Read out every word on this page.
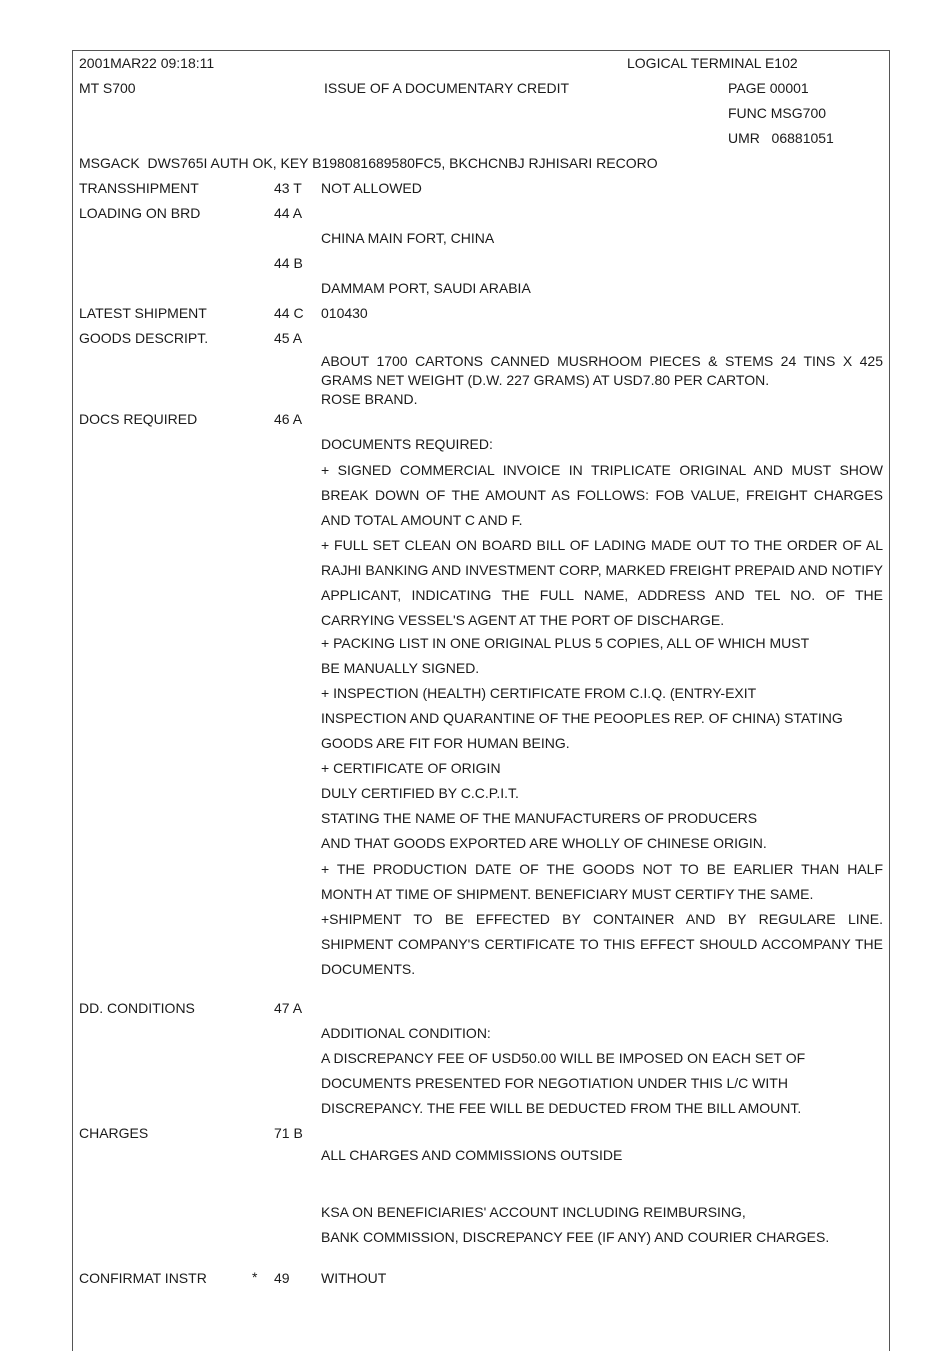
2001MAR22 09:18:11	LOGICAL TERMINAL E102
MT S700	ISSUE OF A DOCUMENTARY CREDIT	PAGE 00001
FUNC MSG700
UMR   06881051
MSGACK  DWS765I AUTH OK, KEY B198081689580FC5, BKCHCNBJ RJHISARI RECORO
TRANSSHIPMENT	43 T NOT ALLOWED
LOADING ON BRD	44 A
CHINA MAIN FORT, CHINA
44 B
DAMMAM PORT, SAUDI ARABIA
LATEST SHIPMENT	44 C 010430
GOODS DESCRIPT.	45 A
ABOUT 1700 CARTONS CANNED MUSRHOOM PIECES & STEMS 24 TINS X 425
GRAMS NET WEIGHT (D.W. 227 GRAMS) AT USD7.80 PER CARTON.
ROSE BRAND.
DOCS REQUIRED	46 A
DOCUMENTS REQUIRED:
+ SIGNED COMMERCIAL INVOICE IN TRIPLICATE ORIGINAL AND MUST SHOW BREAK DOWN OF THE AMOUNT AS FOLLOWS: FOB VALUE, FREIGHT CHARGES AND TOTAL AMOUNT C AND F.
+ FULL SET CLEAN ON BOARD BILL OF LADING MADE OUT TO THE ORDER OF AL RAJHI BANKING AND INVESTMENT CORP, MARKED FREIGHT PREPAID AND NOTIFY APPLICANT, INDICATING THE FULL NAME, ADDRESS AND TEL NO. OF THE CARRYING VESSEL'S AGENT AT THE PORT OF DISCHARGE.
+ PACKING LIST IN ONE ORIGINAL PLUS 5 COPIES, ALL OF WHICH MUST
BE MANUALLY SIGNED.
+ INSPECTION (HEALTH) CERTIFICATE FROM C.I.Q. (ENTRY-EXIT
INSPECTION AND QUARANTINE OF THE PEOOPLES REP. OF CHINA) STATING
GOODS ARE FIT FOR HUMAN BEING.
+ CERTIFICATE OF ORIGIN
DULY CERTIFIED BY C.C.P.I.T.
STATING THE NAME OF THE MANUFACTURERS OF PRODUCERS
AND THAT GOODS EXPORTED ARE WHOLLY OF CHINESE ORIGIN.
+ THE PRODUCTION DATE OF THE GOODS NOT TO BE EARLIER THAN HALF MONTH AT TIME OF SHIPMENT. BENEFICIARY MUST CERTIFY THE SAME.
+SHIPMENT TO BE EFFECTED BY CONTAINER AND BY REGULARE LINE. SHIPMENT COMPANY'S CERTIFICATE TO THIS EFFECT SHOULD ACCOMPANY THE DOCUMENTS.
DD. CONDITIONS	47 A
ADDITIONAL CONDITION:
A DISCREPANCY FEE OF USD50.00 WILL BE IMPOSED ON EACH SET OF
DOCUMENTS PRESENTED FOR NEGOTIATION UNDER THIS L/C WITH
DISCREPANCY. THE FEE WILL BE DEDUCTED FROM THE BILL AMOUNT.
CHARGES	71 B
ALL CHARGES AND COMMISSIONS OUTSIDE
KSA ON BENEFICIARIES' ACCOUNT INCLUDING REIMBURSING,
BANK COMMISSION, DISCREPANCY FEE (IF ANY) AND COURIER CHARGES.
CONFIRMAT INSTR	* 49 WITHOUT
